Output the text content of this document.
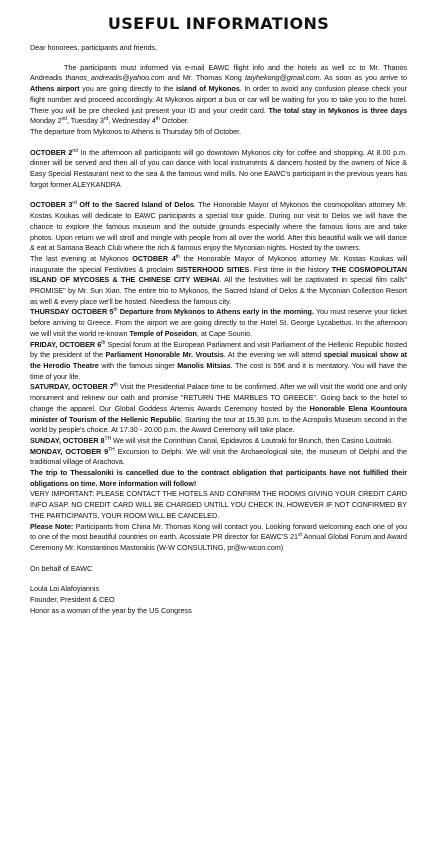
USEFUL INFORMATIONS

Dear honorees, participants and friends,

The participants must informed via e-mail EAWC flight info and the hotels as well cc to Mr. Thanos Andreadis thanos_andreadis@yahoo.com and Mr. Thomas Kong taiyhekong@gmail.com. As soon as you arrive to Athens airport you are going directly to the island of Mykonos. In order to avoid any confusion please check your flight number and proceed accordingly. At Mykonos airport a bus or car will be waiting for you to take you to the hotel. There you will be pre checked just present your ID and your credit card. The total stay in Mykonos is three days Monday 2nd, Tuesday 3rd, Wednesday 4th October.

The departure from Mykonos to Athens is Thursday 5th of October.

OCTOBER 2nd In the afternoon all participants will go downtown Mykonos city for coffee and shopping. At 8.00 p.m. dinner will be served and then all of you can dance with local instruments & dancers hosted by the owners of Nice & Easy Special Restaurant next to the sea & the famous wind mills. No one EAWC's participant in the previous years has forgot former ALEYKANDRA

OCTOBER 3rd Off to the Sacred Island of Delos. The Honorable Mayor of Mykonos the cosmopolitan attorney Mr. Kostas Koukas will dedicate to EAWC participants a special tour guide. During our visit to Delos we will have the chance to explore the famous museum and the outside grounds especially where the famous lions are and take photos. Upon return we will stroll and mingle with people from all over the world. After this beautiful walk we will dance & eat at Santana Beach Club where the rich & famous enjoy the Myconian nights. Hosted by the owners.

The last evening at Mykonos OCTOBER 4th the Honorable Mayor of Mykonos attorney Mr. Kostas Koukas will inaugurate the special Festivities & proclaim SISTERHOOD SITIES. First time in the history THE COSMOPOLITAN ISLAND OF MYCOSES & THE CHINESE CITY WEIHAI. All the festivities will be captivated in special film calls" PROMISE" by Mr. Sun Xian. The entire trio to Mykonos, the Sacred Island of Delos & the Myconian Collection Resort as well & every place we'll be hosted. Needless the famous city.

THURSDAY OCTOBER 5th Departure from Mykonos to Athens early in the morning. You must reserve your ticket before arriving to Greece. From the airport we are going directly to the Hotel St. George Lycabettus. In the afternoon we will visit the world re-known Temple of Poseidon, at Cape Sounio.

FRIDAY, OCTOBER 6th Special forum at the European Parliament and visit Parliament of the Hellenic Republic hosted by the president of the Parliament Honorable Mr. Vroutsis. At the evening we will attend special musical show at the Herodio Theatre with the famous singer Manolis Mitsias. The cost is 55€ and it is mentatory. You will have the time of your life.

SATURDAY, OCTOBER 7th Visit the Presidential Palace time to be confirmed. After we will visit the world one and only monument and reknew our oath and promise "RETURN THE MARBLES TO GREECE". Going back to the hotel to change the apparel. Our Global Goddess Artemis Awards Ceremony hosted by the Honorable Elena Kountoura minister of Tourism of the Hellenic Republic. Starting the tour at 15.30 p.m. to the Acropolis Museum second in the world by people's choice. At 17.30 - 20.00 p.m. the Award Ceremony will take place.

SUNDAY, OCTOBER 8TH We will visit the Corinthian Canal, Epidavros & Loutraki for Brunch, then Casino Loutraki.

MONDAY, OCTOBER 9TH Excursion to Delphi. We will visit the Archaeological site, the museum of Delphi and the traditional village of Arachova.

The trip to Thessaloniki is cancelled due to the contract obligation that participants have not fulfilled their obligations on time. More information will follow!

VERY IMPORTANT: PLEASE CONTACT THE HOTELS AND CONFIRM THE ROOMS GIVING YOUR CREDIT CARD INFO ASAP. NO CREDIT CARD WILL BE CHARGED UNTILL YOU CHECK IN. HOWEVER IF NOT CONFIRMED BY THE PARTICIPANTS, YOUR ROOM WILL BE CANCELED.

Please Note: Participants from China Mr. Thomas Kong will contact you. Looking forward welcoming each one of you to one of the most beautiful countries on earth. Acossiate PR director for EAWC'S 21st Annual Global Forum and Award Ceremony Mr. Konstantinos Mastorakis (W-W CONSULTING, pr@w-wcon.com)

On behalf of EAWC

Loula Loi Alafoyiannis

Founder, President & CEO

Honor as a woman of the year by the US Congress
